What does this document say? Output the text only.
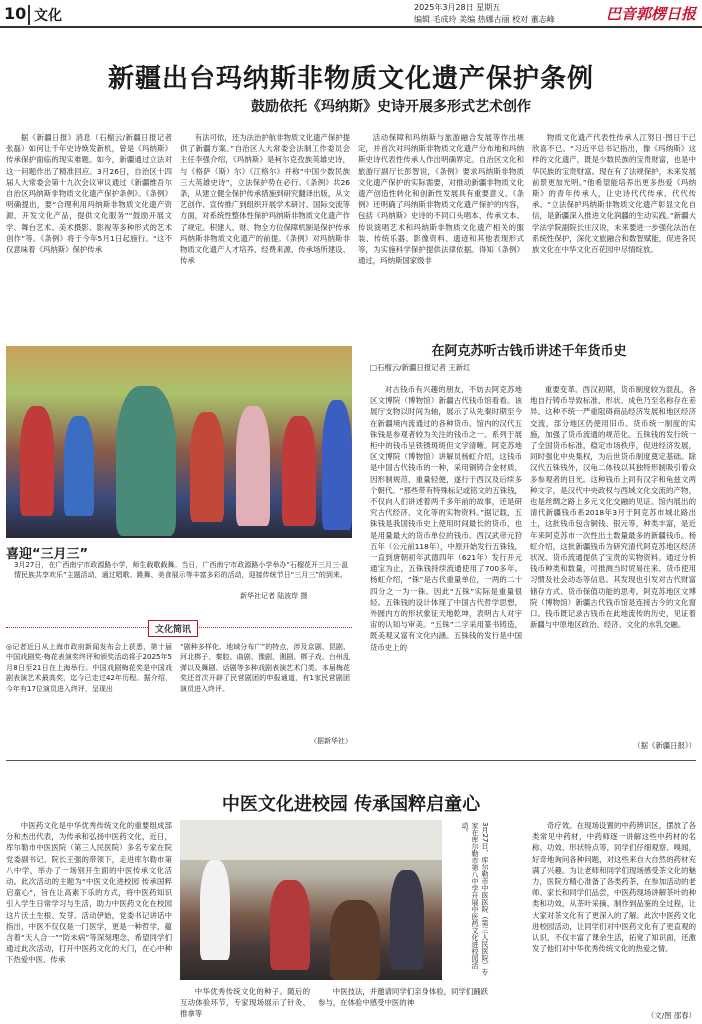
10 文化
2025年3月28日 星期五
编辑 毛成玲 美编 热娜古丽 校对 董志峰	巴音郭楞日报
新疆出台玛纳斯非物质文化遗产保护条例
鼓励依托《玛纳斯》史诗开展多形式艺术创作

据《新疆日报》消息（石榴云/新疆日报记者 张磊）如何让千年史诗焕发新机，曾是《玛纳斯》传承保护面临的现实难题。如今，新疆通过立法对这一问题作出了精准回应。3月26日，自治区十四届人大常委会第十九次会议审议通过《新疆维吾尔自治区玛纳斯非物质文化遗产保护条例》。《条例》明确提出，要“合理利用玛纳斯非物质文化遗产资源，开发文化产品，提供文化服务”“鼓励开展文学、舞台艺术、美术摄影、影视等多种形式的艺术创作”等。《条例》将于今年5月1日起施行。“这不仅意味着《玛纳斯》保护传承

有法可依，还为法治护航非物质文化遗产保护提供了新疆方案。”自治区人大常委会法制工作委员会主任李强介绍，《玛纳斯》是柯尔克孜族英雄史诗，与《格萨（斯）尔》《江格尔》并称“中国少数民族三大英雄史诗”，立法保护势在必行。《条例》共26条，从建立健全保护传承措施到研究翻译出版，从文艺创作、宣传推广到组织开展学术研讨、国际交流等方面，对系统性整体性保护玛纳斯非物质文化遗产作了规定。积建人、财、物全方位保障机制是保护传承玛纳斯非物质文化遗产的前提。《条例》对玛纳斯非物质文化遗产人才培养、经费来源、传承场所建设、传承

活动保障和玛纳斯与旅游融合发展等作出规定，并首次对玛纳斯非物质文化遗产分布地和玛纳斯史诗代表性传承人作出明确界定。自治区文化和旅游厅副厅长彭智说，《条例》要求玛纳斯非物质文化遗产保护的实际需要，对推动新疆非物质文化遗产创造性转化和创新性发展具有重要意义。《条例》还明确了玛纳斯非物质文化遗产保护的内容，包括《玛纳斯》史诗的不同口头唱本、传承文本、传说演唱艺术和玛纳斯非物质文化遗产相关的服装、传统乐器、影像资料、遗迹和其他表现形式等，为实施科学保护提供法律依据。得知《条例》通过，玛纳斯国家级非

物质文化遗产代表性传承人江努日·图日干已欣喜不已。“习近平总书记指出，像《玛纳斯》这样的文化遗产，既是少数民族的宝贵财富，也是中华民族的宝贵财富。现在有了法规保护，未来发展前景更加光明。”他希望能培养出更多热爱《玛纳斯》的青年传承人，让史诗代代传承、代代传承。“立法保护玛纳斯非物质文化遗产彰显文化自信，是新疆深入推进文化润疆的生动实践。”新疆大学法学院副院长庄汉说，未来要进一步强化法治在系统性保护，深化文旅融合和数智赋能，促进各民族文化在中华文化百花园中尽情绽放。

喜迎“三月三”
3月27日，在广西南宁市政源路小学，师生载歌载舞。当日，广西南宁市政源路小学举办“石榴花开三月三·邕情民族共享欢乐”主题活动，通过唱歌、跳舞、美食展示等丰富多彩的活动，迎接传统节日“三月三”的到来。
新华社记者 陆波岸 摄
文化简讯

◎记者近日从上海市政府新闻发布会上获悉，第十届中国戏剧奖·梅花表演奖终评和颁奖活动将于2025年5月8日至21日在上海举行。中国戏剧梅花奖是中国戏剧表演艺术最高奖，迄今已走过42年历程。据介绍，今年有17位演员进入终评，呈现出

“剧种多样化、地域分布广”的特点，涉及京剧、昆剧、河北梆子、秦腔、曲剧、豫剧、湘剧、梆子戏、台州乱弹以及舞剧、话剧等多种戏剧表演艺术门类。本届梅花奖还首次开辟了民营剧团的申报通道，有1家民营剧团演员进入终评。

（据新华社）
在阿克苏听古钱币讲述千年货币史
□石榴云/新疆日报记者 王新红

对古钱币有兴趣的朋友，不妨去阿克苏地区文博院（博物馆）新疆古代钱币馆看看。该展厅支物以时间为轴，展示了从先秦时期至今在新疆境内流通过的各种货币。馆内的汉代五铢钱是参观者较为关注的钱币之一。系列于展柜中的钱币呈铁锈斑斑但文字清晰。阿克苏地区文博院（博物馆）讲解员杨虹介绍，这钱币是中国古代钱币的一种，采用铜铸合金材质，因形制规范、重量轻便，遂行于西汉及后续多个朝代。“那些带有特殊标记或铭文的五铢钱，不仅向人们讲述着两千多年前的故事，还是研究古代经济、文化等的实物资料。”据记载，五铢钱是我国钱币史上使用时间最长的货币，也是用量最大的货币单位的钱币。西汉武帝元狩五年（公元前118年），中原开始发行五铢钱，一直到唐朝初年武德四年（621年）发行开元通宝为止，五铢钱持续流通使用了700多年。杨虹介绍，“铢”是古代重量单位，一两的二十四分之一为一铢。因此“五铢”实际是重量很轻。五铢钱的设计体现了中国古代哲学思想，外圆内方的形状象征天地乾坤，表明古人对宇宙的认知与审美。“五铢”二字采用篆书铸造，既美观又富有文化内涵。五铢钱的发行是中国货币史上的

重要变革。西汉初期，货币制度较为混乱，各地自行铸币导致标准、形状、成色乃至名称存在差异。这种不统一严重阻碍商品经济发展和地区经济交流，部分地区仍使用旧币。货币统一制度的实施，加强了货币流通的规范化。五铢钱的发行统一了全国货币标准，稳定市场秩序，促进经济发展，同时强化中央集权，为后世货币制度奠定基础。除汉代五铢钱外，汉龟二体钱以其独特形制吸引着众多参观者的目光。这种钱币上同有汉字和龟兹文两种文字，是汉代中央政权与西域文化交流的产物，也是丝绸之路上多元文化交融的见证。馆内展出的清代新疆钱币系2018年3月于阿克苏市城北路出土，这批钱币包含铜钱、银元等，种类丰富，是近年来阿克苏市一次性出土数量最多的新疆钱币。杨虹介绍，这批新疆钱币为研究清代阿克苏地区经济状况、货币流通提供了宝贵的实物资料。通过分析钱币种类和数量，可推测当时贸易往来、货币使用习惯及社会动态等信息。其发现也引发对古代财富储存方式、货币保值功能的思考。阿克苏地区文博院（博物馆）新疆古代钱币馆是连接古今的文化窗口。钱币既记录古钱币在此地流传的历史，见证着新疆与中原地区政治、经济、文化的水乳交融。

（据《新疆日报》）
中医文化进校园 传承国粹启童心

中医药文化是中华优秀传统文化的重要组成部分和杰出代表，为传承和弘扬中医药文化，近日，库尔勒市中医医院（第三人民医院）多名专家在院党委副书记、院长王强的带领下，走进库尔勒市第八中学，举办了一场别开生面的中医传承文化活动。此次活动的主题为“中医文化进校园 传承国粹启童心”，旨在让高素下乐的方式，将中医药知识引入学生日常学习与生活，助力中医药文化在校园这片沃土生根、发芽。活动伊始，党委书记讲话中指出，中医不仅仅是一门医学，更是一种哲学，蕴含着“天人合一”“防未病”等深刻理念，希望同学们通过此次活动，打开中医药文化的大门，在心中种下热爱中医、传承	3月27日，库尔勒市中医医院（第三人民医院）专家在库尔勒市第八中学开展中医药文化进校园活动。

中华优秀传统文化的种子。随后的互动体验环节，专家现场展示了针灸、推拿等

中医技法，并邀请同学们亲身体验，同学们踊跃参与，在体验中感受中医的神

奇疗效。在现场设置的中药辨识区，摆放了各类常见中药材，中药师逐一讲解这些中药材的名称、功效、形状特点等，同学们仔细观察、嗅闻，好奇地询问各种问题，对这些来自大自然的药材充满了兴趣。为让老师和同学们现场感受茶文化的魅力，医院方精心准备了各类药茶，在参加活动的老师、家长和同学们品尝，中医药现场讲解茶叶的种类和功效，从茶叶采摘、制作到品鉴的全过程，让大家对茶文化有了更深入的了解。此次中医药文化进校园活动，让同学们对中医药文化有了更直观的认识，不仅丰富了课余生活，拓宽了知识面，还激发了他们对中华优秀传统文化的热爱之情。

（文/图 邵春）
